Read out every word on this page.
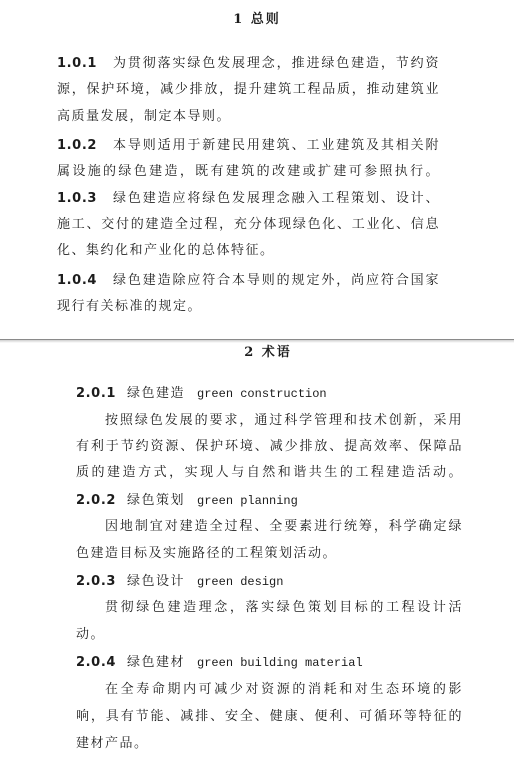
1 总则
1.0.1	为贯彻落实绿色发展理念，推进绿色建造，节约资
源，保护环境，减少排放，提升建筑工程品质，推动建筑业
高质量发展，制定本导则。
1.0.2	本导则适用于新建民用建筑、工业建筑及其相关附
属设施的绿色建造，既有建筑的改建或扩建可参照执行。
1.0.3	绿色建造应将绿色发展理念融入工程策划、设计、
施工、交付的建造全过程，充分体现绿色化、工业化、信息
化、集约化和产业化的总体特征。
1.0.4	绿色建造除应符合本导则的规定外，尚应符合国家
现行有关标准的规定。
2 术语
2.0.1 绿色建造 green construction
按照绿色发展的要求，通过科学管理和技术创新，采用
有利于节约资源、保护环境、减少排放、提高效率、保障品
质的建造方式，实现人与自然和谐共生的工程建造活动。
2.0.2 绿色策划 green planning
因地制宜对建造全过程、全要素进行统筹，科学确定绿
色建造目标及实施路径的工程策划活动。
2.0.3 绿色设计 green design
贯彻绿色建造理念，落实绿色策划目标的工程设计活
动。
2.0.4 绿色建材 green building material
在全寿命期内可减少对资源的消耗和对生态环境的影
响，具有节能、减排、安全、健康、便利、可循环等特征的
建材产品。
